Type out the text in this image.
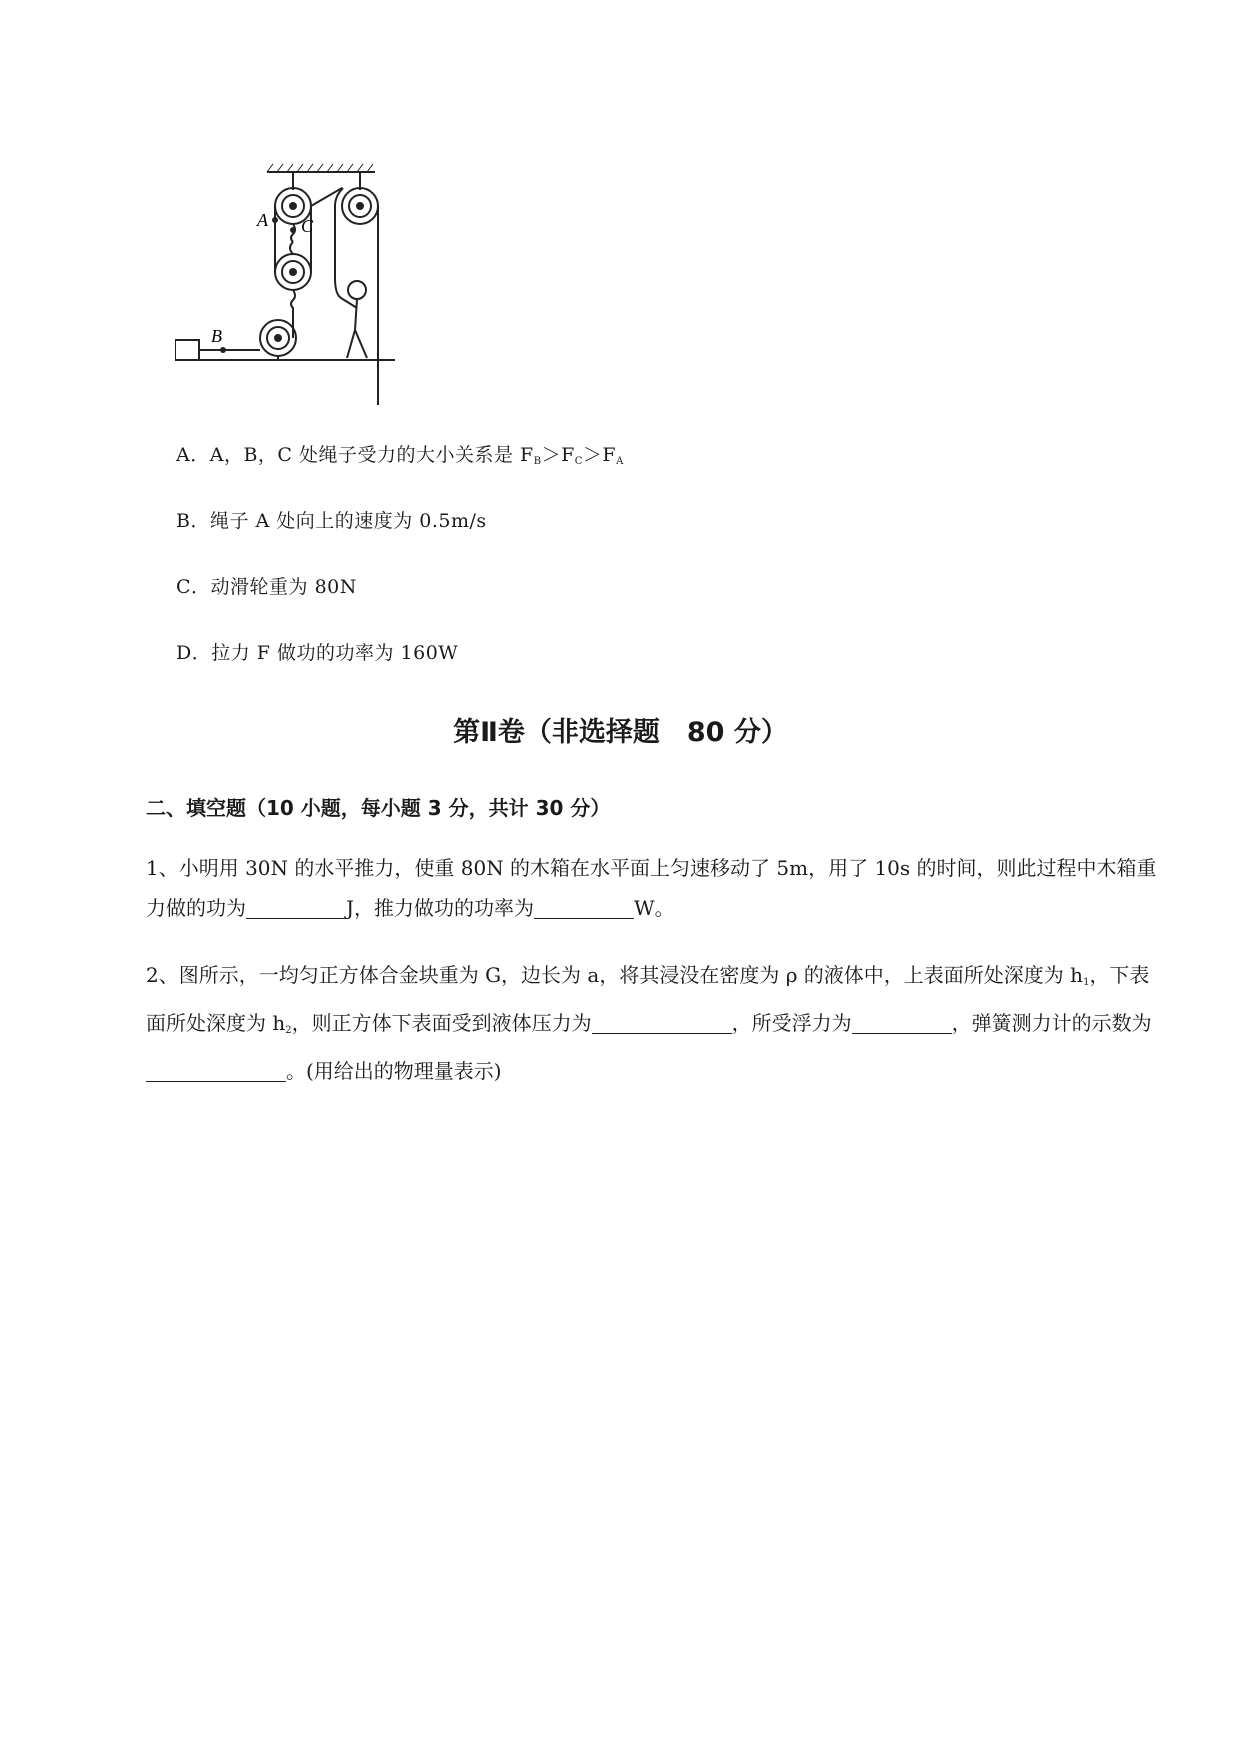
A C
B
A．A，B，C 处绳子受力的大小关系是 $F_B>F_C>F_A$
B．绳子 A 处向上的速度为 0.5m/s
C．动滑轮重为 80N
D．拉力 F 做功的功率为 160W
第Ⅱ卷（非选择题　80 分）
二、填空题（10 小题，每小题 3 分，共计 30 分）
1、小明用 30N 的水平推力，使重 80N 的木箱在水平面上匀速移动了 5m，用了 10s 的时间，则此过程中木箱重力做的功为	J，推力做功的功率为	W。
2、图所示，一均匀正方体合金块重为 G，边长为 a，将其浸没在密度为 ρ 的液体中，上表面所处深度为 $h_1$，下表面所处深度为 $h_2$，则正方体下表面受到液体压力为	，所受浮力为	，弹簧测力计的示数为。(用给出的物理量表示)
